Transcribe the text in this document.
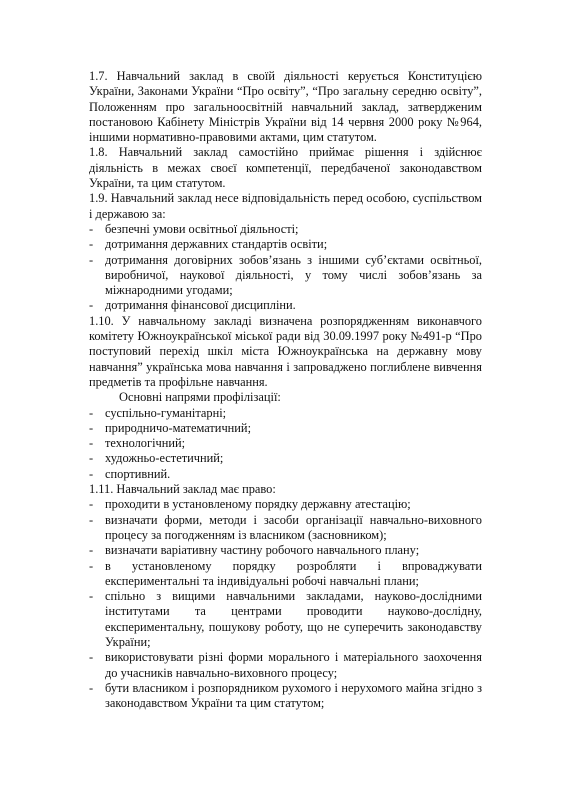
1.7. Навчальний заклад в своїй діяльності керується Конституцією України, Законами України “Про освіту”, “Про загальну середню освіту”, Положенням про загальноосвітній навчальний заклад, затвердженим постановою Кабінету Міністрів України від 14 червня 2000 року №964, іншими нормативно-правовими актами, цим статутом.

1.8. Навчальний заклад самостійно приймає рішення і здійснює діяльність в межах своєї компетенції, передбаченої законодавством України, та цим статутом.

1.9. Навчальний заклад несе відповідальність перед особою, суспільством і державою за:

- безпечні умови освітньої діяльності;

- дотримання державних стандартів освіти;

- дотримання договірних зобов’язань з іншими суб’єктами освітньої, виробничої, наукової діяльності, у тому числі зобов’язань за міжнародними угодами;

- дотримання фінансової дисципліни.

1.10. У навчальному закладі визначена розпорядженням виконавчого комітету Южноукраїнської міської ради від 30.09.1997 року №491-р “Про поступовий перехід шкіл міста Южноукраїнська на державну мову навчання” українська мова навчання і запроваджено поглиблене вивчення предметів та профільне навчання.

Основні напрями профілізації:

- суспільно-гуманітарні;

- природничо-математичний;

- технологічний;

- художньо-естетичний;

- спортивний.

1.11. Навчальний заклад має право:

- проходити в установленому порядку державну атестацію;

- визначати форми, методи і засоби організації навчально-виховного процесу за погодженням із власником (засновником);

- визначати варіативну частину робочого навчального плану;

- в установленому порядку розробляти і впроваджувати експериментальні та індивідуальні робочі навчальні плани;

- спільно з вищими навчальними закладами, науково-дослідними інститутами та центрами проводити науково-дослідну, експериментальну, пошукову роботу, що не суперечить законодавству України;

- використовувати різні форми морального і матеріального заохочення до учасників навчально-виховного процесу;

- бути власником і розпорядником рухомого і нерухомого майна згідно з законодавством України та цим статутом;
